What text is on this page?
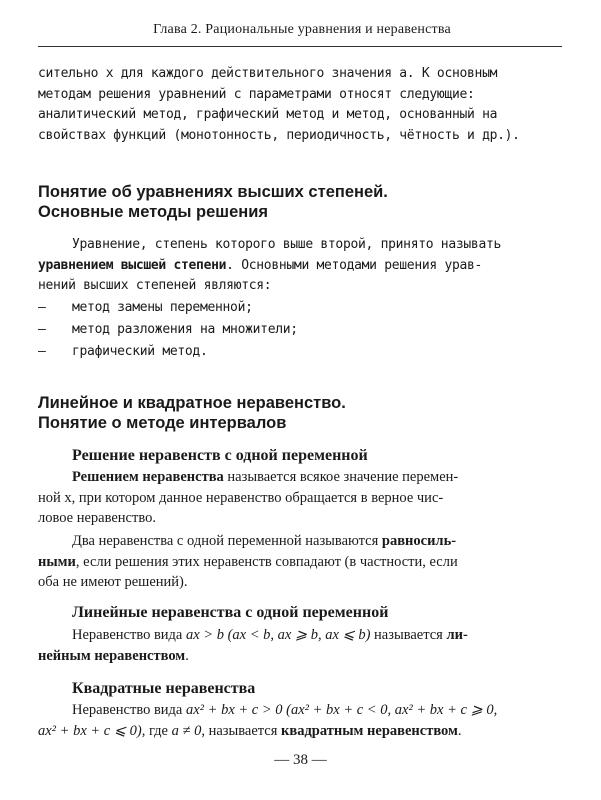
Глава 2. Рациональные уравнения и неравенства
сительно x для каждого действительного значения a. К основным
методам решения уравнений с параметрами относят следующие:
аналитический метод, графический метод и метод, основанный на
свойствах функций (монотонность, периодичность, чётность и др.).
Понятие об уравнениях высших степеней.
Основные методы решения
Уравнение, степень которого выше второй, принято называть
уравнением высшей степени. Основными методами решения урав-
нений высших степеней являются:
— метод замены переменной;
— метод разложения на множители;
— графический метод.
Линейное и квадратное неравенство.
Понятие о методе интервалов
Решение неравенств с одной переменной
Решением неравенства называется всякое значение перемен-
ной x, при котором данное неравенство обращается в верное чис-
ловое неравенство.
Два неравенства с одной переменной называются равносиль-
ными, если решения этих неравенств совпадают (в частности, если
оба не имеют решений).
Линейные неравенства с одной переменной
Неравенство вида ax > b (ax < b, ax ⩾ b, ax ⩽ b) называется ли-
нейным неравенством.
Квадратные неравенства
Неравенство вида ax² + bx + c > 0 (ax² + bx + c < 0, ax² + bx + c ⩾ 0,
ax² + bx + c ⩽ 0), где a ≠ 0, называется квадратным неравенством.
— 38 —
